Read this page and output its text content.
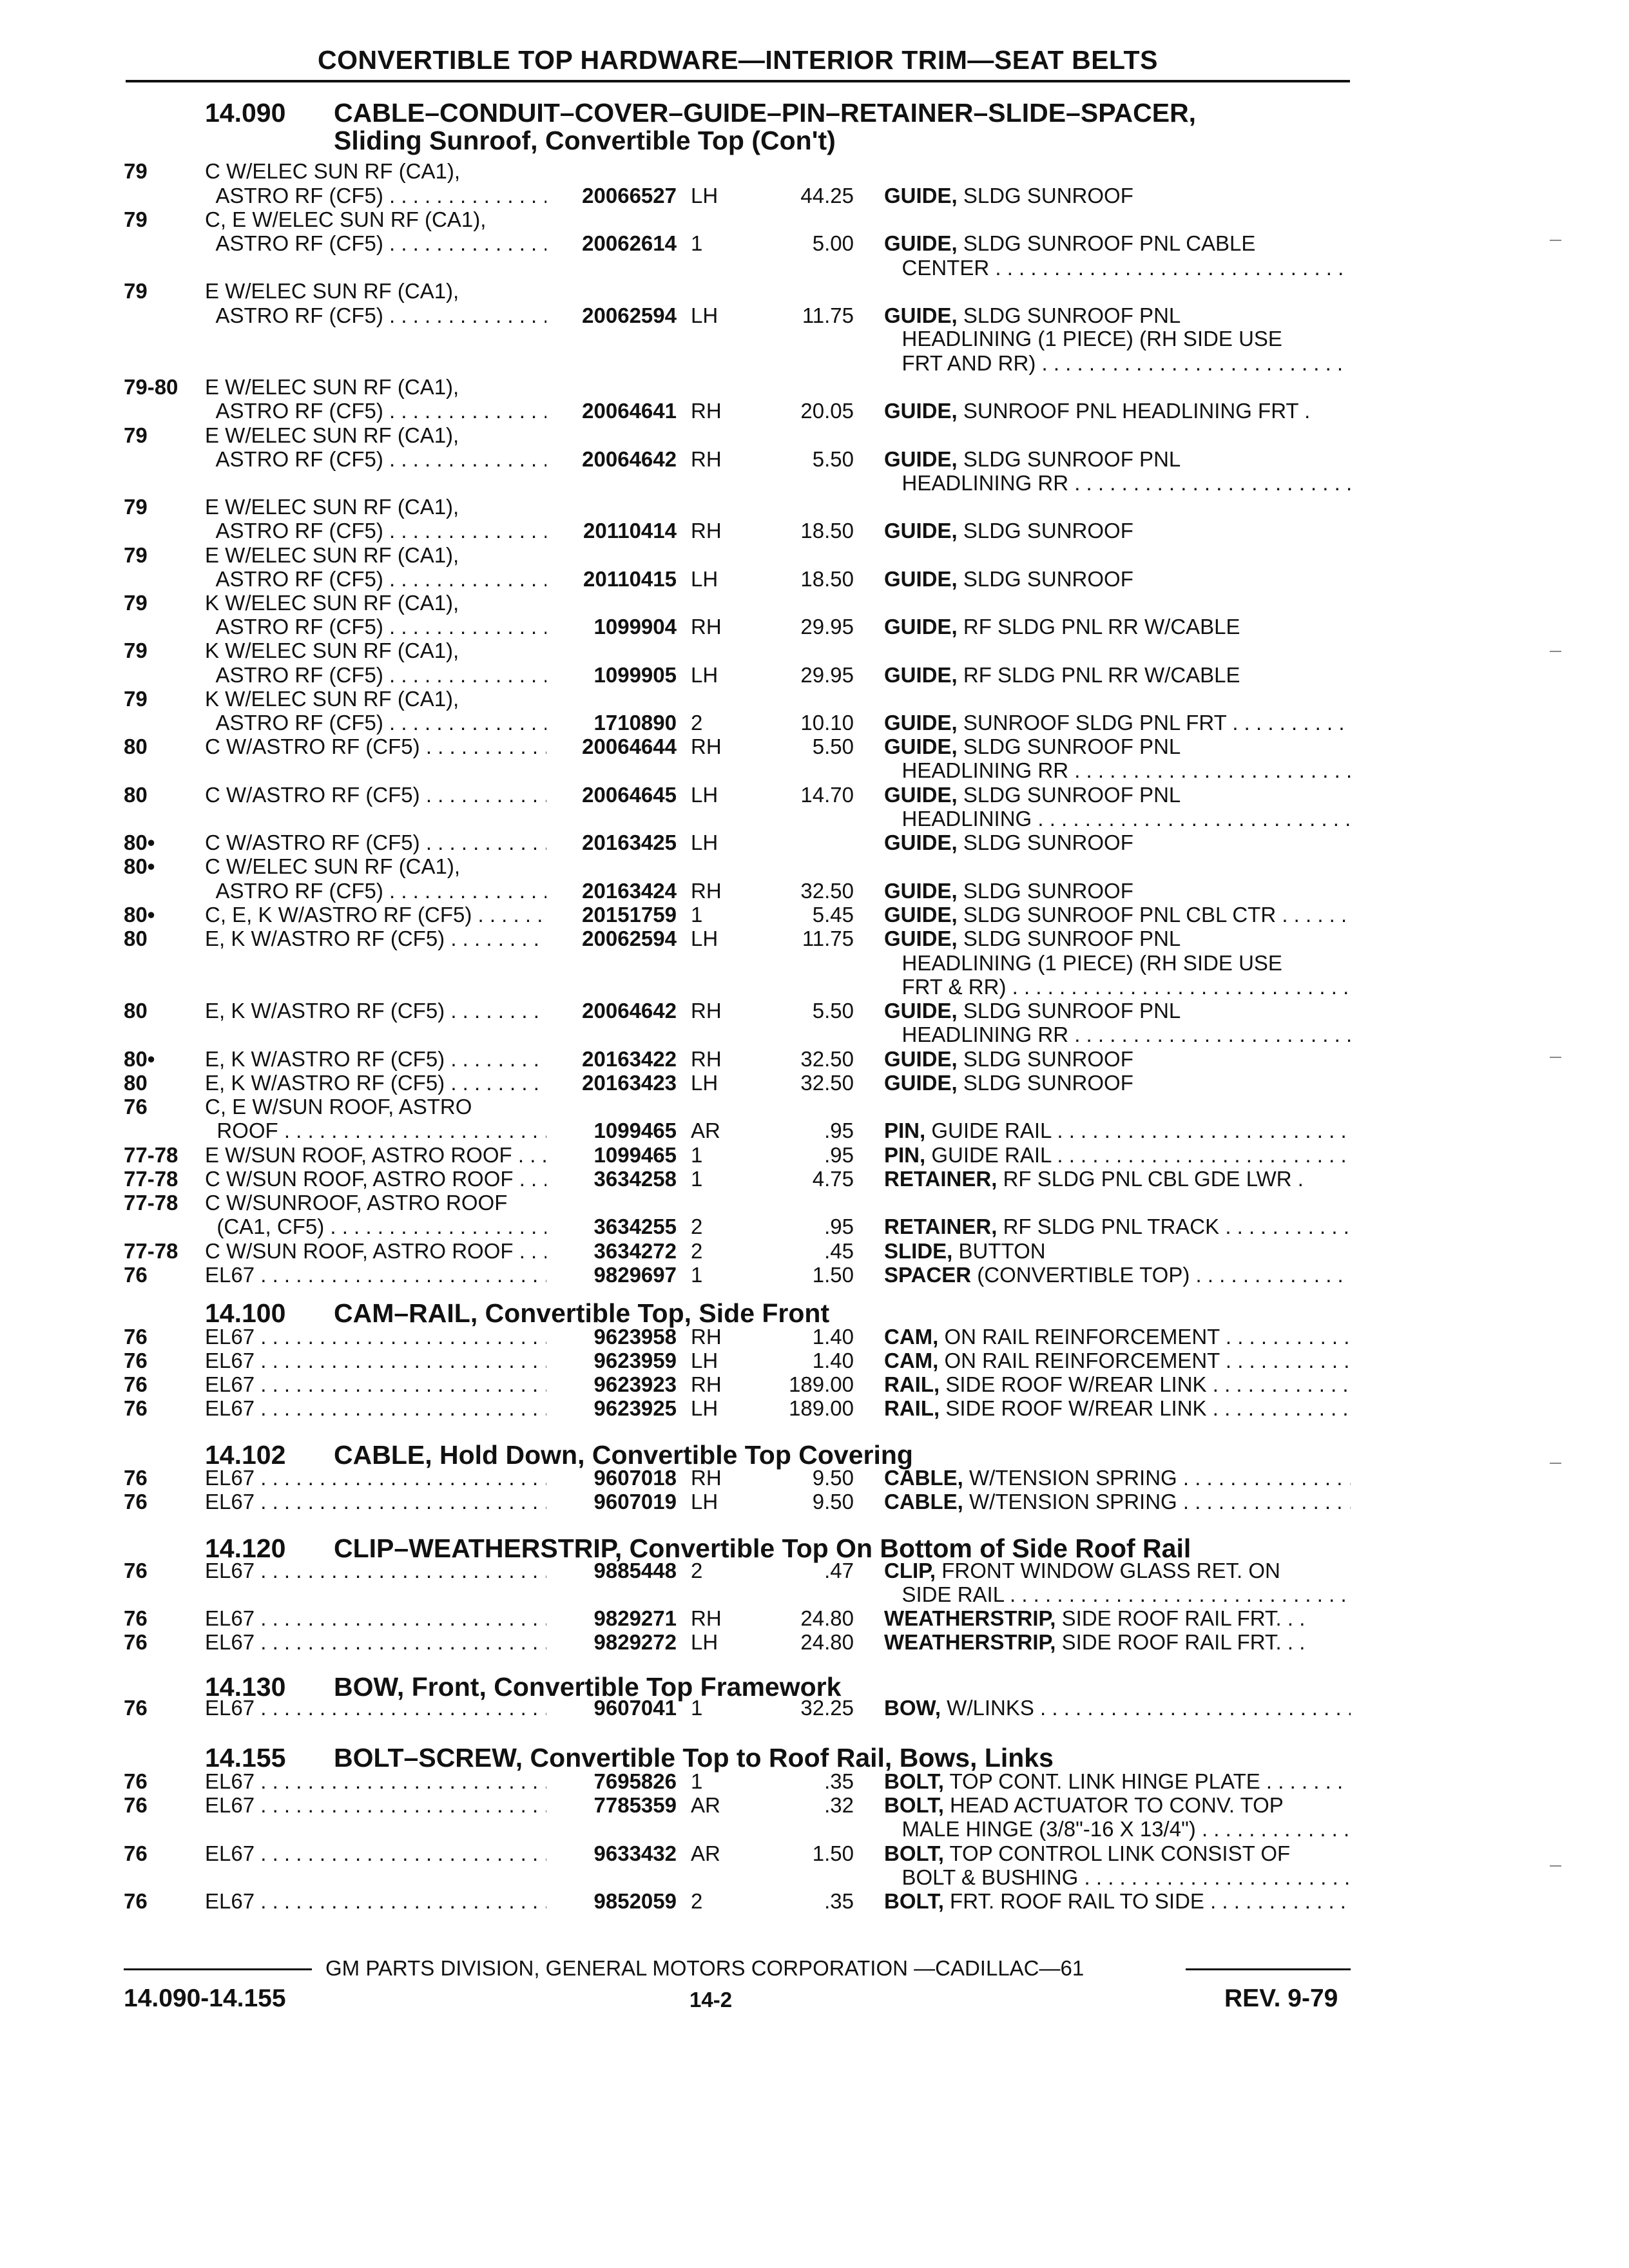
CONVERTIBLE TOP HARDWARE—INTERIOR TRIM—SEAT BELTS
14.090 CABLE–CONDUIT–COVER–GUIDE–PIN–RETAINER–SLIDE–SPACER,
Sliding Sunroof, Convertible Top (Con't)
14.100 CAM–RAIL, Convertible Top, Side Front
14.102 CABLE, Hold Down, Convertible Top Covering
14.120 CLIP–WEATHERSTRIP, Convertible Top On Bottom of Side Roof Rail
14.130 BOW, Front, Convertible Top Framework
14.155 BOLT–SCREW, Convertible Top to Roof Rail, Bows, Links
79	C W/ELEC SUN RF (CA1),
ASTRO RF (CF5) . . .	20066527 LH	44.25 GUIDE, SLDG SUNROOF
79	C, E W/ELEC SUN RF (CA1),
ASTRO RF (CF5) . . .	20062614 1	5.00 GUIDE, SLDG SUNROOF PNL CABLE
CENTER . . .
79	E W/ELEC SUN RF (CA1),
ASTRO RF (CF5) . . .	20062594 LH	11.75 GUIDE, SLDG SUNROOF PNL
HEADLINING (1 PIECE) (RH SIDE USE
FRT AND RR) . . .
79-80 E W/ELEC SUN RF (CA1),
ASTRO RF (CF5) . . .	20064641 RH	20.05 GUIDE, SUNROOF PNL HEADLINING FRT .
79	E W/ELEC SUN RF (CA1),
ASTRO RF (CF5) . . .	20064642 RH	5.50 GUIDE, SLDG SUNROOF PNL
HEADLINING RR . . .
79	E W/ELEC SUN RF (CA1),
ASTRO RF (CF5) . . .	20110414 RH	18.50 GUIDE, SLDG SUNROOF
79	E W/ELEC SUN RF (CA1),
ASTRO RF (CF5) . . .	20110415 LH	18.50 GUIDE, SLDG SUNROOF
79	K W/ELEC SUN RF (CA1),
ASTRO RF (CF5) . . .	1099904 RH	29.95 GUIDE, RF SLDG PNL RR W/CABLE
79	K W/ELEC SUN RF (CA1),
ASTRO RF (CF5) . . .	1099905 LH	29.95 GUIDE, RF SLDG PNL RR W/CABLE
79	K W/ELEC SUN RF (CA1),
ASTRO RF (CF5) . . .	1710890 2	10.10 GUIDE, SUNROOF SLDG PNL FRT . . .
80	C W/ASTRO RF (CF5) . . .	20064644 RH	5.50 GUIDE, SLDG SUNROOF PNL
HEADLINING RR . . .
80	C W/ASTRO RF (CF5) . . .	20064645 LH	14.70 GUIDE, SLDG SUNROOF PNL
HEADLINING . . .
80• C W/ASTRO RF (CF5) . . .	20163425 LH	GUIDE, SLDG SUNROOF
80• C W/ELEC SUN RF (CA1),
ASTRO RF (CF5) . . .	20163424 RH	32.50 GUIDE, SLDG SUNROOF
80• C, E, K W/ASTRO RF (CF5) . . .	20151759 1	5.45 GUIDE, SLDG SUNROOF PNL CBL CTR . . .
80	E, K W/ASTRO RF (CF5) . . .	20062594 LH	11.75 GUIDE, SLDG SUNROOF PNL
HEADLINING (1 PIECE) (RH SIDE USE
FRT & RR) . . .
80	E, K W/ASTRO RF (CF5) . . .	20064642 RH	5.50 GUIDE, SLDG SUNROOF PNL
HEADLINING RR . . .
80• E, K W/ASTRO RF (CF5) . . .	20163422 RH	32.50 GUIDE, SLDG SUNROOF
80	E, K W/ASTRO RF (CF5) . . .	20163423 LH	32.50 GUIDE, SLDG SUNROOF
76	C, E W/SUN ROOF, ASTRO
ROOF . . .	1099465 AR	.95 PIN, GUIDE RAIL . . .
77-78 E W/SUN ROOF, ASTRO ROOF . . .	1099465 1	.95 PIN, GUIDE RAIL . . .
77-78 C W/SUN ROOF, ASTRO ROOF . . .	3634258 1	4.75 RETAINER, RF SLDG PNL CBL GDE LWR .
77-78 C W/SUNROOF, ASTRO ROOF
(CA1, CF5) . . .	3634255 2	.95 RETAINER, RF SLDG PNL TRACK . . .
77-78 C W/SUN ROOF, ASTRO ROOF . . .	3634272 2	.45 SLIDE, BUTTON
76	EL67 . . .	9829697 1	1.50 SPACER (CONVERTIBLE TOP) . . .
76	EL67 . . .	9623958 RH	1.40 CAM, ON RAIL REINFORCEMENT . . .
76	EL67 . . .	9623959 LH	1.40 CAM, ON RAIL REINFORCEMENT . . .
76	EL67 . . .	9623923 RH	189.00 RAIL, SIDE ROOF W/REAR LINK . . .
76	EL67 . . .	9623925 LH	189.00 RAIL, SIDE ROOF W/REAR LINK . . .
76	EL67 . . .	9607018 RH	9.50 CABLE, W/TENSION SPRING . . .
76	EL67 . . .	9607019 LH	9.50 CABLE, W/TENSION SPRING . . .
76	EL67 . . .	9885448 2	.47 CLIP, FRONT WINDOW GLASS RET. ON
SIDE RAIL . . .
76	EL67 . . .	9829271 RH	24.80 WEATHERSTRIP, SIDE ROOF RAIL FRT. . .
76	EL67 . . .	9829272 LH	24.80 WEATHERSTRIP, SIDE ROOF RAIL FRT. . .
76	EL67 . . .	9607041 1	32.25 BOW, W/LINKS . . .
76	EL67 . . .	7695826 1	.35 BOLT, TOP CONT. LINK HINGE PLATE . . .
76	EL67 . . .	7785359 AR	.32 BOLT, HEAD ACTUATOR TO CONV. TOP
MALE HINGE (3/8"-16 X 13/4") . . .
76	EL67 . . .	9633432 AR	1.50 BOLT, TOP CONTROL LINK CONSIST OF
BOLT & BUSHING . . .
76	EL67 . . .	9852059 2	.35 BOLT, FRT. ROOF RAIL TO SIDE . . .
GM PARTS DIVISION, GENERAL MOTORS CORPORATION —CADILLAC—61
14.090-14.155	14-2	REV. 9-79
